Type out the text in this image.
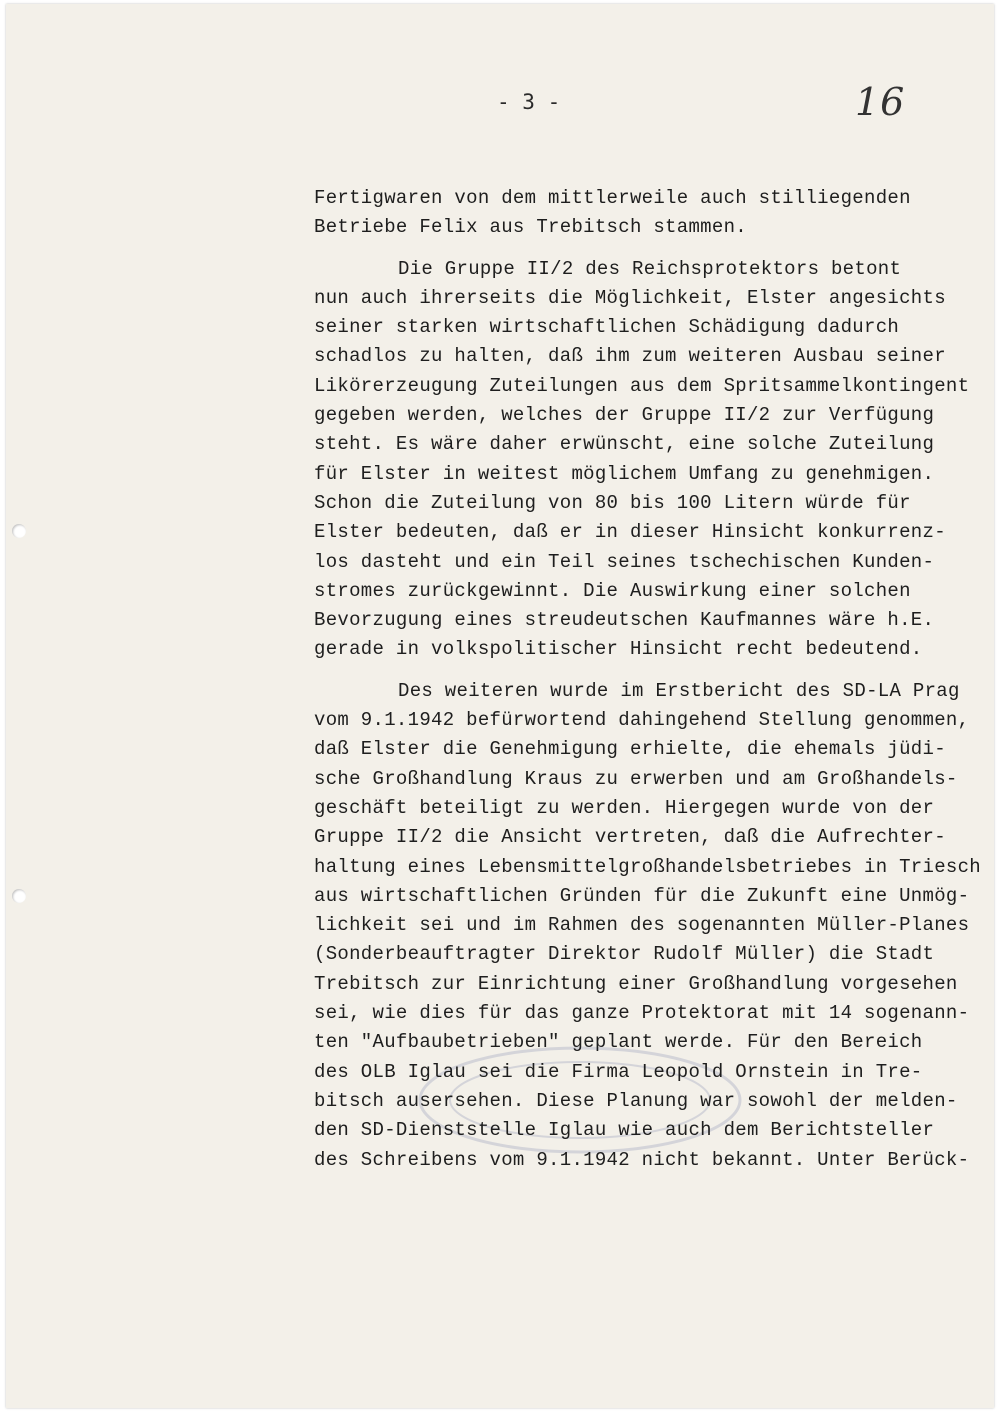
- 3 -	16
Fertigwaren von dem mittlerweile auch stilliegenden
Betriebe Felix aus Trebitsch stammen.
Die Gruppe II/2 des Reichsprotektors betont
nun auch ihrerseits die Möglichkeit, Elster angesichts
seiner starken wirtschaftlichen Schädigung dadurch
schadlos zu halten, daß ihm zum weiteren Ausbau seiner
Likörerzeugung Zuteilungen aus dem Spritsammelkontingent
gegeben werden, welches der Gruppe II/2 zur Verfügung
steht. Es wäre daher erwünscht, eine solche Zuteilung
für Elster in weitest möglichem Umfang zu genehmigen.
Schon die Zuteilung von 80 bis 100 Litern würde für
Elster bedeuten, daß er in dieser Hinsicht konkurrenz-
los dasteht und ein Teil seines tschechischen Kunden-
stromes zurückgewinnt. Die Auswirkung einer solchen
Bevorzugung eines streudeutschen Kaufmannes wäre h.E.
gerade in volkspolitischer Hinsicht recht bedeutend.
Des weiteren wurde im Erstbericht des SD-LA Prag
vom 9.1.1942 befürwortend dahingehend Stellung genommen,
daß Elster die Genehmigung erhielte, die ehemals jüdi-
sche Großhandlung Kraus zu erwerben und am Großhandels-
geschäft beteiligt zu werden. Hiergegen wurde von der
Gruppe II/2 die Ansicht vertreten, daß die Aufrechter-
haltung eines Lebensmittelgroßhandelsbetriebes in Triesch
aus wirtschaftlichen Gründen für die Zukunft eine Unmög-
lichkeit sei und im Rahmen des sogenannten Müller-Planes
(Sonderbeauftragter Direktor Rudolf Müller) die Stadt
Trebitsch zur Einrichtung einer Großhandlung vorgesehen
sei, wie dies für das ganze Protektorat mit 14 sogenann-
ten "Aufbaubetrieben" geplant werde. Für den Bereich
des OLB Iglau sei die Firma Leopold Ornstein in Tre-
bitsch ausersehen. Diese Planung war sowohl der melden-
den SD-Dienststelle Iglau wie auch dem Berichtsteller
des Schreibens vom 9.1.1942 nicht bekannt. Unter Berück-
